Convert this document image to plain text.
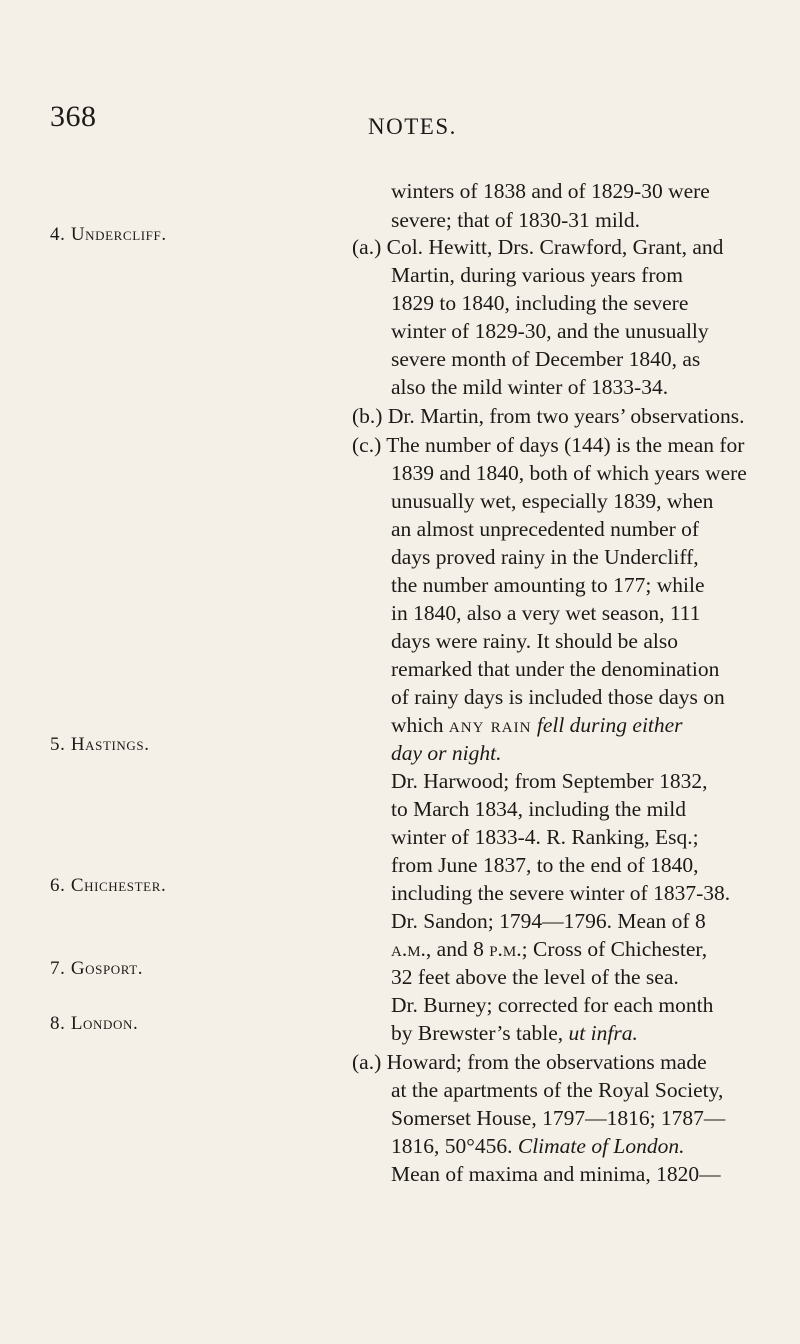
368	NOTES.
4. Undercliff.
5. Hastings.
6. Chichester.
7. Gosport.
8. London.
winters of 1838 and of 1829-30 were
severe; that of 1830-31 mild.
(a.) Col. Hewitt, Drs. Crawford, Grant, and
Martin, during various years from
1829 to 1840, including the severe
winter of 1829-30, and the unusually
severe month of December 1840, as
also the mild winter of 1833-34.
(b.) Dr. Martin, from two years’ observations.
(c.) The number of days (144) is the mean for
1839 and 1840, both of which years were
unusually wet, especially 1839, when
an almost unprecedented number of
days proved rainy in the Undercliff,
the number amounting to 177; while
in 1840, also a very wet season, 111
days were rainy. It should be also
remarked that under the denomination
of rainy days is included those days on
which any rain fell during either
day or night.
Dr. Harwood; from September 1832,
to March 1834, including the mild
winter of 1833-4. R. Ranking, Esq.;
from June 1837, to the end of 1840,
including the severe winter of 1837-38.
Dr. Sandon; 1794—1796. Mean of 8
a.m., and 8 p.m.; Cross of Chichester,
32 feet above the level of the sea.
Dr. Burney; corrected for each month
by Brewster’s table, ut infra.
(a.) Howard; from the observations made
at the apartments of the Royal Society,
Somerset House, 1797—1816; 1787—
1816, 50°456. Climate of London.
Mean of maxima and minima, 1820—
